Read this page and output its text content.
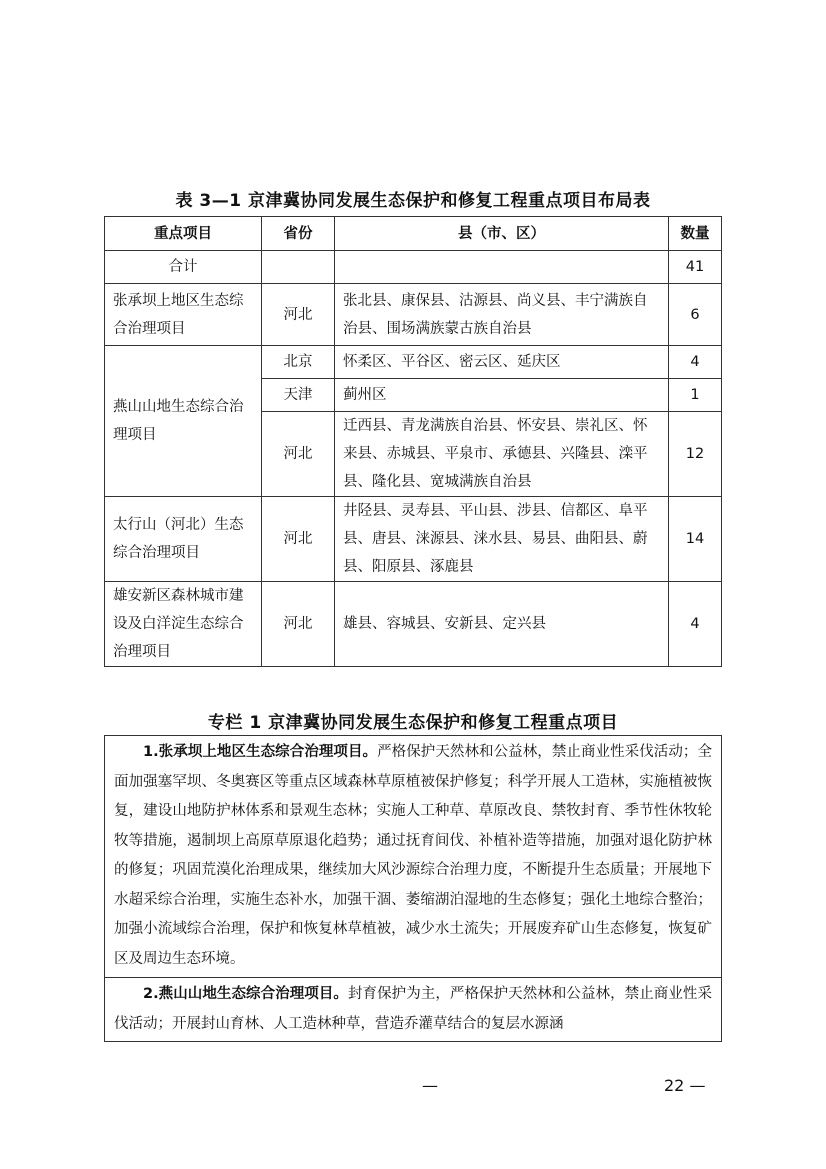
表 3—1 京津冀协同发展生态保护和修复工程重点项目布局表
重点项目	省份	县（市、区）	数量
合计			41
张承坝上地区生态综合治理项目	河北	张北县、康保县、沽源县、尚义县、丰宁满族自治县、围场满族蒙古族自治县	6
燕山山地生态综合治理项目	北京	怀柔区、平谷区、密云区、延庆区	4
	天津	蓟州区	1
	河北	迁西县、青龙满族自治县、怀安县、崇礼区、怀来县、赤城县、平泉市、承德县、兴隆县、滦平县、隆化县、宽城满族自治县	12
太行山（河北）生态综合治理项目	河北	井陉县、灵寿县、平山县、涉县、信都区、阜平县、唐县、涞源县、涞水县、易县、曲阳县、蔚县、阳原县、涿鹿县	14
雄安新区森林城市建设及白洋淀生态综合治理项目	河北	雄县、容城县、安新县、定兴县	4
专栏 1 京津冀协同发展生态保护和修复工程重点项目
1.张承坝上地区生态综合治理项目。严格保护天然林和公益林，禁止商业性采伐活动；全面加强塞罕坝、冬奥赛区等重点区域森林草原植被保护修复；科学开展人工造林，实施植被恢复，建设山地防护林体系和景观生态林；实施人工种草、草原改良、禁牧封育、季节性休牧轮牧等措施，遏制坝上高原草原退化趋势；通过抚育间伐、补植补造等措施，加强对退化防护林的修复；巩固荒漠化治理成果，继续加大风沙源综合治理力度，不断提升生态质量；开展地下水超采综合治理，实施生态补水，加强干涸、萎缩湖泊湿地的生态修复；强化土地综合整治；加强小流域综合治理，保护和恢复林草植被，减少水土流失；开展废弃矿山生态修复，恢复矿区及周边生态环境。
2.燕山山地生态综合治理项目。封育保护为主，严格保护天然林和公益林，禁止商业性采伐活动；开展封山育林、人工造林种草，营造乔灌草结合的复层水源涵
—	22 —
